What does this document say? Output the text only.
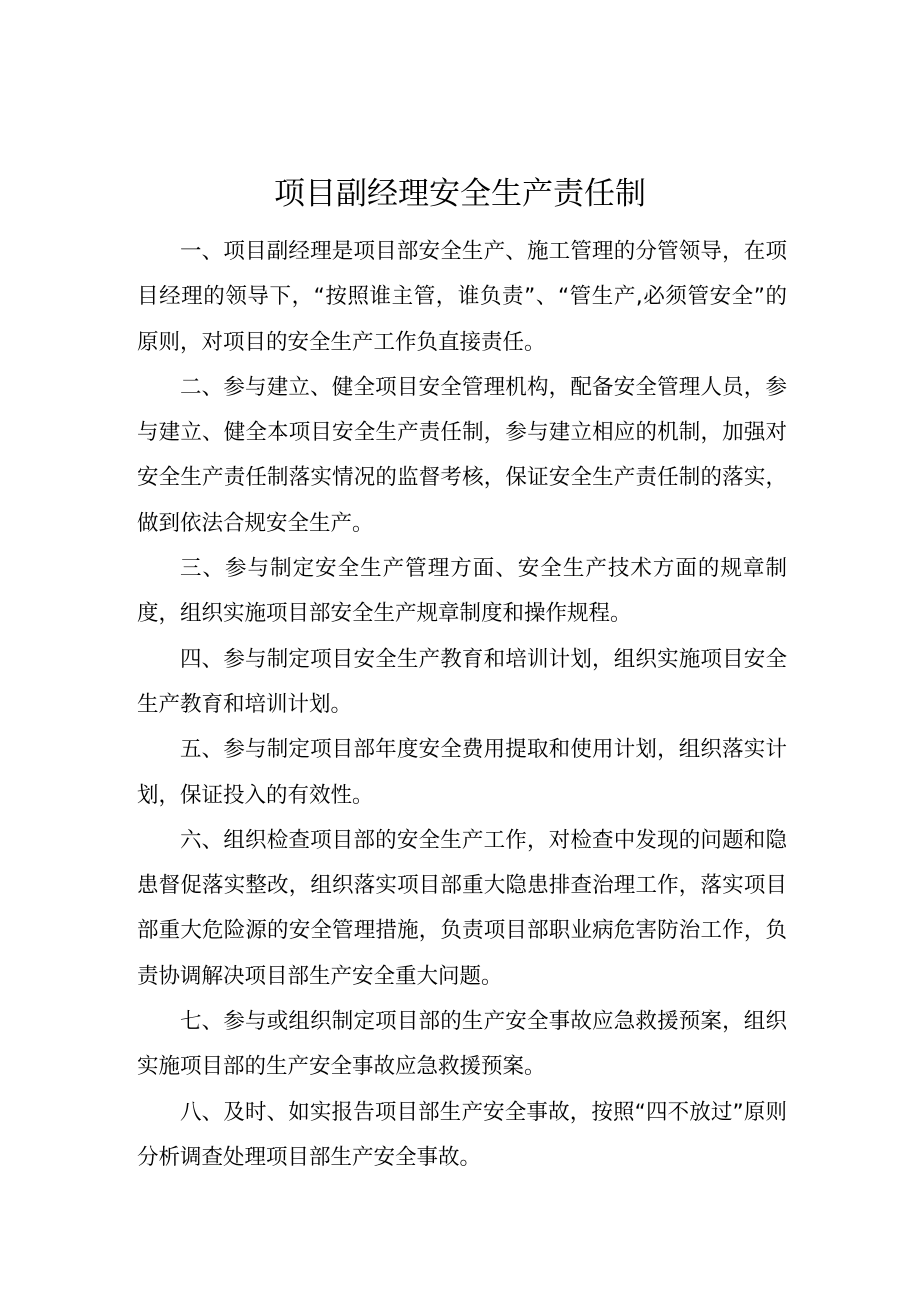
项目副经理安全生产责任制

一、项目副经理是项目部安全生产、施工管理的分管领导，在项目经理的领导下，“按照谁主管，谁负责”、“管生产,必须管安全”的原则，对项目的安全生产工作负直接责任。

二、参与建立、健全项目安全管理机构，配备安全管理人员，参与建立、健全本项目安全生产责任制，参与建立相应的机制，加强对安全生产责任制落实情况的监督考核，保证安全生产责任制的落实，做到依法合规安全生产。

三、参与制定安全生产管理方面、安全生产技术方面的规章制度，组织实施项目部安全生产规章制度和操作规程。

四、参与制定项目安全生产教育和培训计划，组织实施项目安全生产教育和培训计划。

五、参与制定项目部年度安全费用提取和使用计划，组织落实计划，保证投入的有效性。

六、组织检查项目部的安全生产工作，对检查中发现的问题和隐患督促落实整改，组织落实项目部重大隐患排查治理工作，落实项目部重大危险源的安全管理措施，负责项目部职业病危害防治工作，负责协调解决项目部生产安全重大问题。

七、参与或组织制定项目部的生产安全事故应急救援预案，组织实施项目部的生产安全事故应急救援预案。

八、及时、如实报告项目部生产安全事故，按照“四不放过”原则分析调查处理项目部生产安全事故。
